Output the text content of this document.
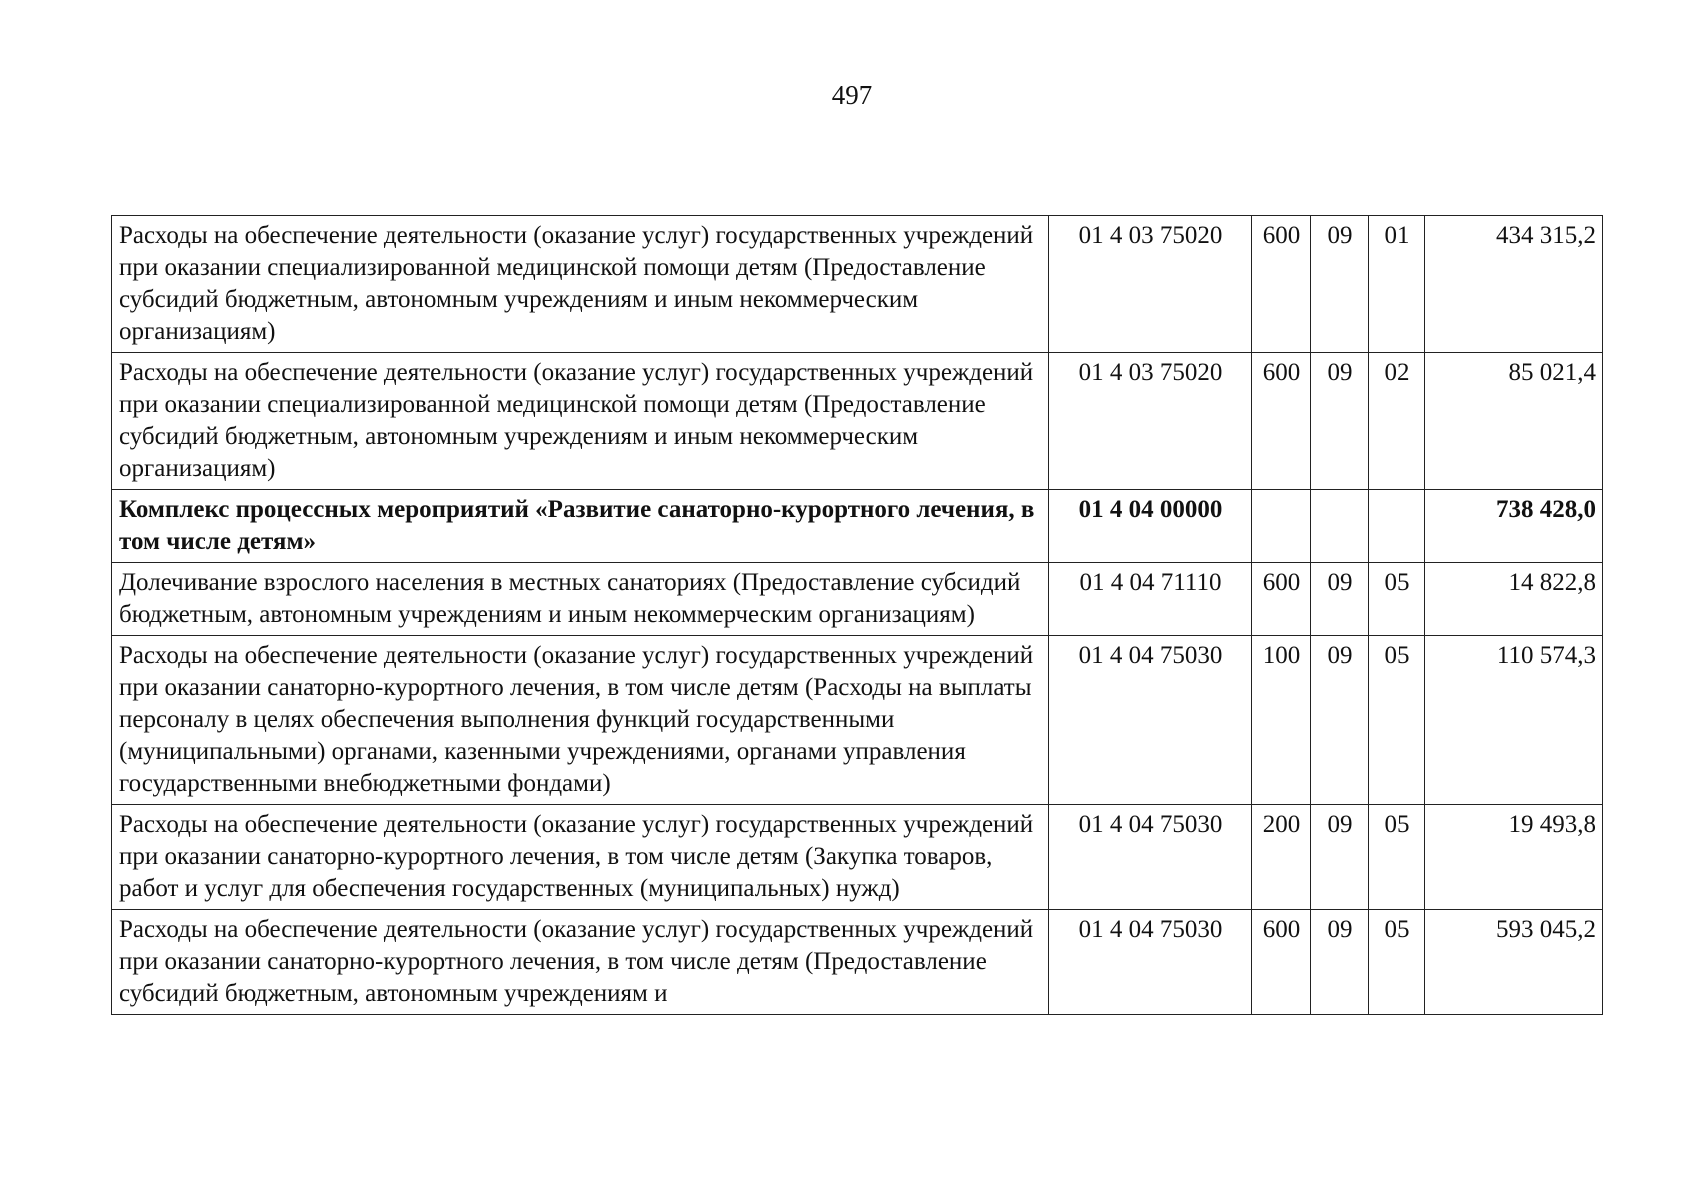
497
Расходы на обеспечение деятельности (оказание услуг) государственных учреждений при оказании специализированной медицинской помощи детям (Предоставление субсидий бюджетным, автономным учреждениям и иным некоммерческим организациям)	01 4 03 75020	600	09	01	434 315,2
Расходы на обеспечение деятельности (оказание услуг) государственных учреждений при оказании специализированной медицинской помощи детям (Предоставление субсидий бюджетным, автономным учреждениям и иным некоммерческим организациям)	01 4 03 75020	600	09	02	85 021,4
Комплекс процессных мероприятий «Развитие санаторно-курортного лечения, в том числе детям»	01 4 04 00000				738 428,0
Долечивание взрослого населения в местных санаториях (Предоставление субсидий бюджетным, автономным учреждениям и иным некоммерческим организациям)	01 4 04 71110	600	09	05	14 822,8
Расходы на обеспечение деятельности (оказание услуг) государственных учреждений при оказании санаторно-курортного лечения, в том числе детям (Расходы на выплаты персоналу в целях обеспечения выполнения функций государственными (муниципальными) органами, казенными учреждениями, органами управления государственными внебюджетными фондами)	01 4 04 75030	100	09	05	110 574,3
Расходы на обеспечение деятельности (оказание услуг) государственных учреждений при оказании санаторно-курортного лечения, в том числе детям (Закупка товаров, работ и услуг для обеспечения государственных (муниципальных) нужд)	01 4 04 75030	200	09	05	19 493,8
Расходы на обеспечение деятельности (оказание услуг) государственных учреждений при оказании санаторно-курортного лечения, в том числе детям (Предоставление субсидий бюджетным, автономным учреждениям и	01 4 04 75030	600	09	05	593 045,2
